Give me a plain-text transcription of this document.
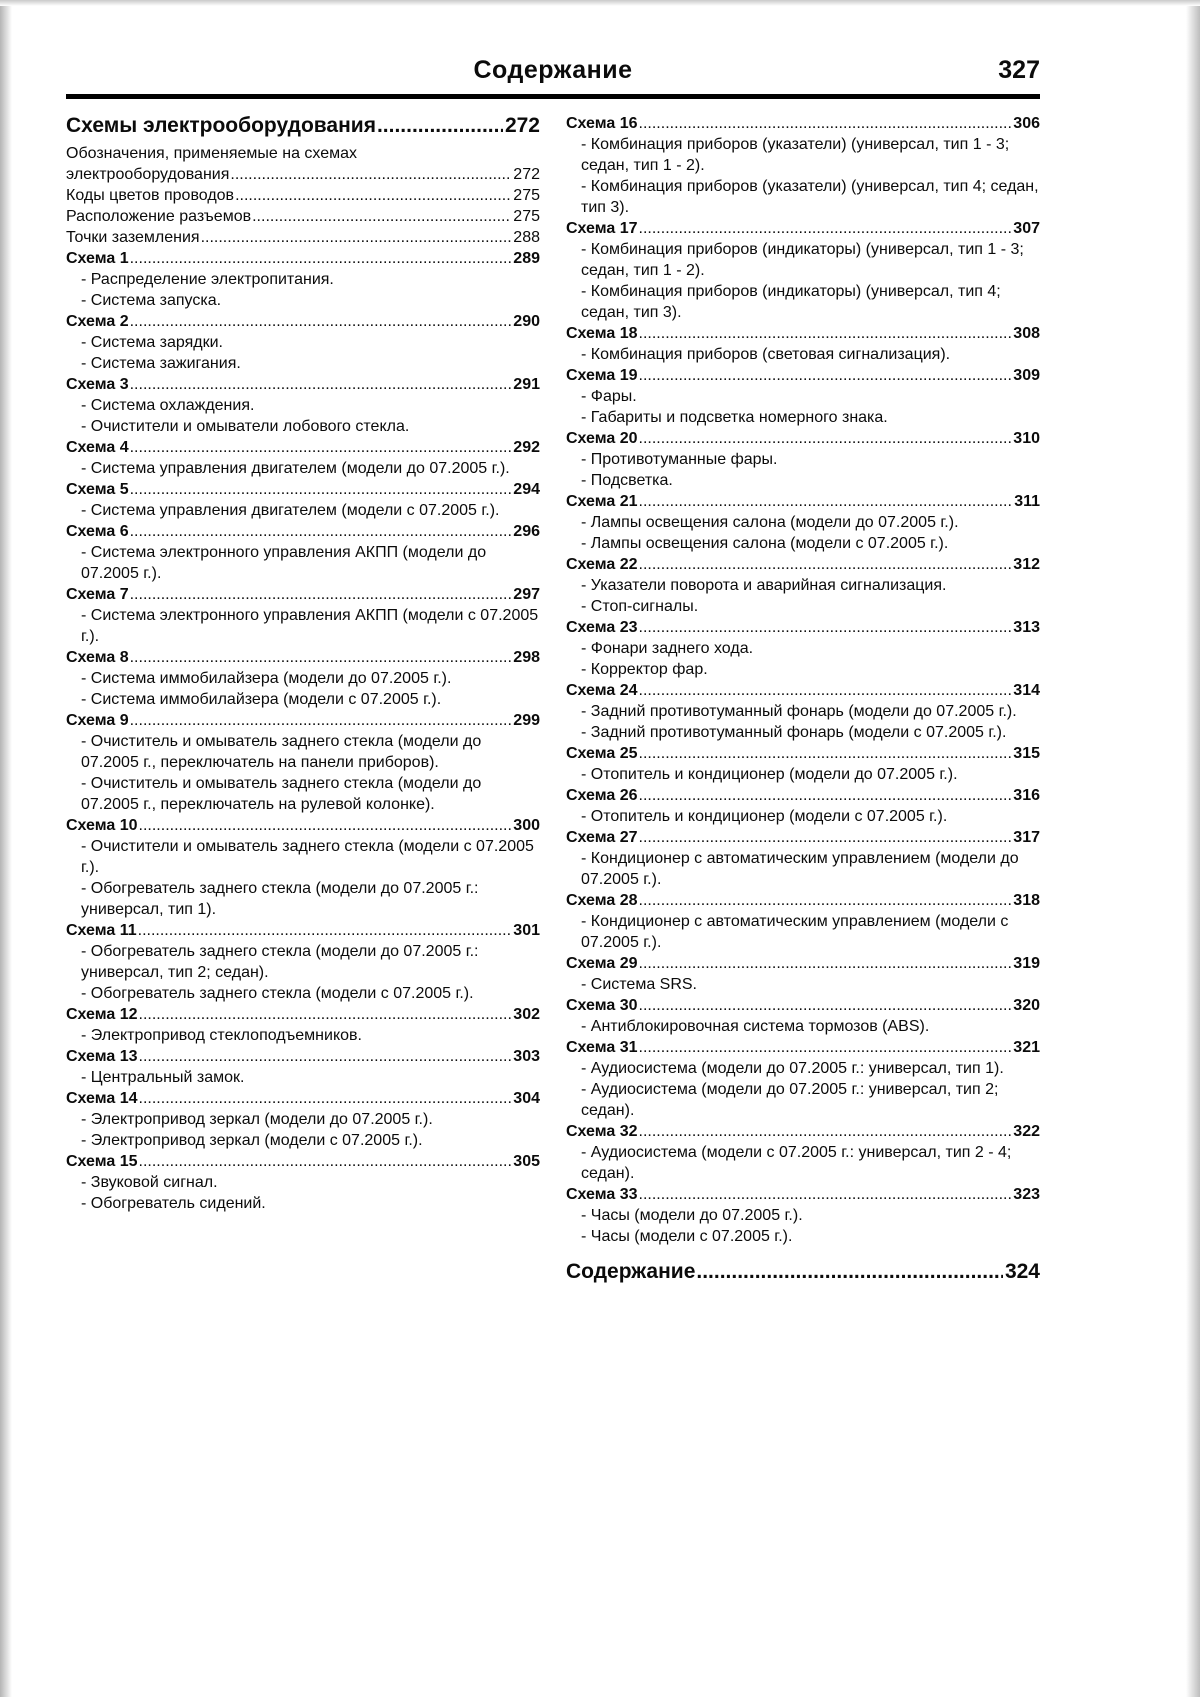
Содержание	327
Схемы электрооборудования .....	272
Обозначения, применяемые на схемах
электрооборудования .....	272
Коды цветов проводов .....	275
Расположение разъемов .....	275
Точки заземления .....	288
Схема 1 .....	289
- Распределение электропитания.
- Система запуска.
Схема 2 .....	290
- Система зарядки.
- Система зажигания.
Схема 3 .....	291
- Система охлаждения.
- Очистители и омыватели лобового стекла.
Схема 4 .....	292
- Система управления двигателем (модели до 07.2005 г.).
Схема 5 .....	294
- Система управления двигателем (модели с 07.2005 г.).
Схема 6 .....	296
- Система электронного управления АКПП (модели до 07.2005 г.).
Схема 7 .....	297
- Система электронного управления АКПП (модели с 07.2005 г.).
Схема 8 .....	298
- Система иммобилайзера (модели до 07.2005 г.).
- Система иммобилайзера (модели с 07.2005 г.).
Схема 9 .....	299
- Очиститель и омыватель заднего стекла (модели до 07.2005 г., переключатель на панели приборов).
- Очиститель и омыватель заднего стекла (модели до 07.2005 г., переключатель на рулевой колонке).
Схема 10 .....	300
- Очистители и омыватель заднего стекла (модели с 07.2005 г.).
- Обогреватель заднего стекла (модели до 07.2005 г.: универсал, тип 1).
Схема 11 .....	301
- Обогреватель заднего стекла (модели до 07.2005 г.: универсал, тип 2; седан).
- Обогреватель заднего стекла (модели с 07.2005 г.).
Схема 12 .....	302
- Электропривод стеклоподъемников.
Схема 13 .....	303
- Центральный замок.
Схема 14 .....	304
- Электропривод зеркал (модели до 07.2005 г.).
- Электропривод зеркал (модели с 07.2005 г.).
Схема 15 .....	305
- Звуковой сигнал.
- Обогреватель сидений.
Схема 16 .....	306
- Комбинация приборов (указатели) (универсал, тип 1 - 3; седан, тип 1 - 2).
- Комбинация приборов (указатели) (универсал, тип 4; седан, тип 3).
Схема 17 .....	307
- Комбинация приборов (индикаторы) (универсал, тип 1 - 3; седан, тип 1 - 2).
- Комбинация приборов (индикаторы) (универсал, тип 4; седан, тип 3).
Схема 18 .....	308
- Комбинация приборов (световая сигнализация).
Схема 19 .....	309
- Фары.
- Габариты и подсветка номерного знака.
Схема 20 .....	310
- Противотуманные фары.
- Подсветка.
Схема 21 .....	311
- Лампы освещения салона (модели до 07.2005 г.).
- Лампы освещения салона (модели с 07.2005 г.).
Схема 22 .....	312
- Указатели поворота и аварийная сигнализация.
- Стоп-сигналы.
Схема 23 .....	313
- Фонари заднего хода.
- Корректор фар.
Схема 24 .....	314
- Задний противотуманный фонарь (модели до 07.2005 г.).
- Задний противотуманный фонарь (модели с 07.2005 г.).
Схема 25 .....	315
- Отопитель и кондиционер (модели до 07.2005 г.).
Схема 26 .....	316
- Отопитель и кондиционер (модели с 07.2005 г.).
Схема 27 .....	317
- Кондиционер с автоматическим управлением (модели до 07.2005 г.).
Схема 28 .....	318
- Кондиционер с автоматическим управлением (модели с 07.2005 г.).
Схема 29 .....	319
- Система SRS.
Схема 30 .....	320
- Антиблокировочная система тормозов (ABS).
Схема 31 .....	321
- Аудиосистема (модели до 07.2005 г.: универсал, тип 1).
- Аудиосистема (модели до 07.2005 г.: универсал, тип 2; седан).
Схема 32 .....	322
- Аудиосистема (модели с 07.2005 г.: универсал, тип 2 - 4; седан).
Схема 33 .....	323
- Часы (модели до 07.2005 г.).
- Часы (модели с 07.2005 г.).
Содержание .....	324
